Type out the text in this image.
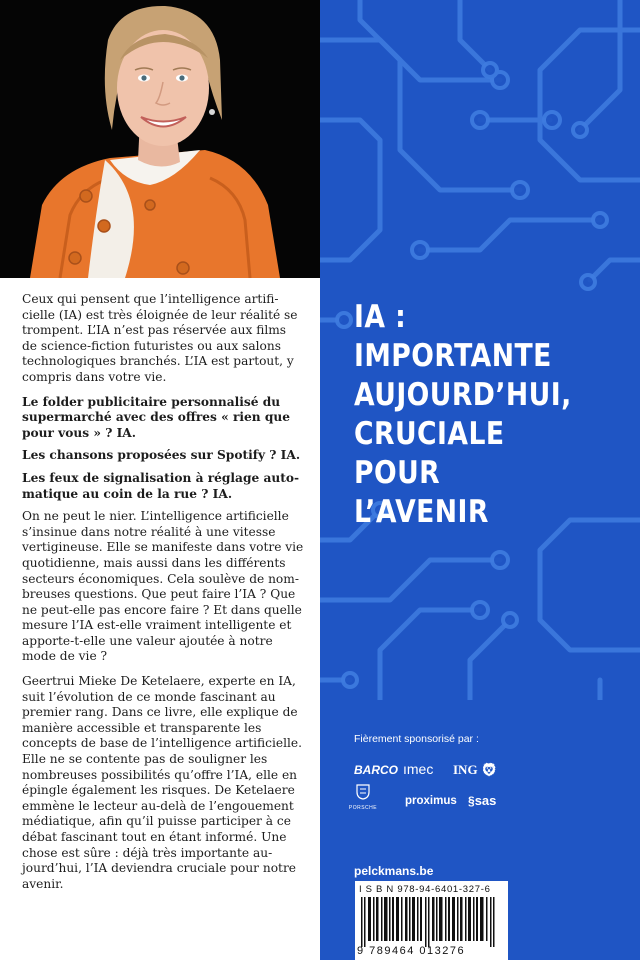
Ceux qui pensent que l’intelligence artificielle (IA) est très éloignée de leur réalité se trompent. L’IA n’est pas réservée aux films de science-fiction futuristes ou aux salons technologiques branchés. L’IA est partout, y compris dans votre vie.

Le folder publicitaire personnalisé du supermarché avec des offres « rien que pour vous » ? IA.

Les chansons proposées sur Spotify ? IA.

Les feux de signalisation à réglage automatique au coin de la rue ? IA.

On ne peut le nier. L’intelligence artificielle s’insinue dans notre réalité à une vitesse vertigineuse. Elle se manifeste dans votre vie quotidienne, mais aussi dans les différents secteurs économiques. Cela soulève de nombreuses questions. Que peut faire l’IA ? Que ne peut-elle pas encore faire ? Et dans quelle mesure l’IA est-elle vraiment intelligente et apporte-t-elle une valeur ajoutée à notre mode de vie ?

Geertrui Mieke De Ketelaere, experte en IA, suit l’évolution de ce monde fascinant au premier rang. Dans ce livre, elle explique de manière accessible et transparente les concepts de base de l’intelligence artificielle. Elle ne se contente pas de souligner les nombreuses possibilités qu’offre l’IA, elle en épingle également les risques. De Ketelaere emmène le lecteur au-delà de l’engouement médiatique, afin qu’il puisse participer à ce débat fascinant tout en étant informé. Une chose est sûre : déjà très importante aujourd’hui, l’IA deviendra cruciale pour notre avenir.

IA :
IMPORTANTE
AUJOURD’HUI,
CRUCIALE
POUR
L’AVENIR
Fièrement sponsorisé par :
BARCO ımec ING 🦁︎
PORSCHE
proximus §sas
pelckmans.be
I S B N 978-94-6401-327-6
9 789464 013276
